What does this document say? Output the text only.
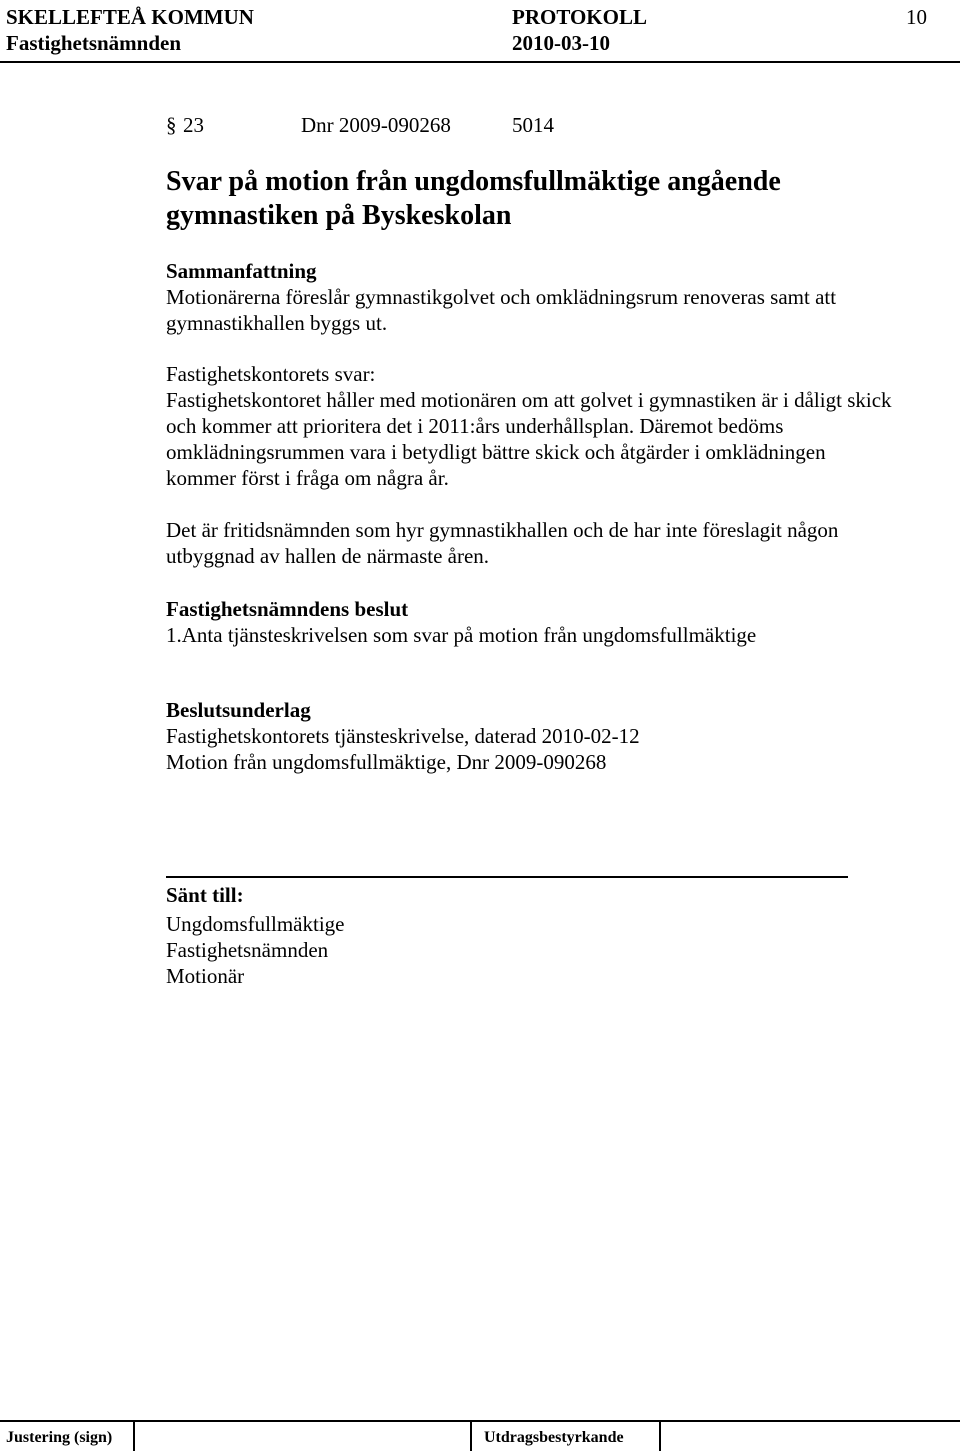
SKELLEFTEÅ KOMMUN	PROTOKOLL	10
Fastighetsnämnden	2010-03-10
§ 23	Dnr 2009-090268	5014
Svar på motion från ungdomsfullmäktige angående
gymnastiken på Byskeskolan
Sammanfattning
Motionärerna föreslår gymnastikgolvet och omklädningsrum renoveras samt att
gymnastikhallen byggs ut.
Fastighetskontorets svar:
Fastighetskontoret håller med motionären om att golvet i gymnastiken är i dåligt skick
och kommer att prioritera det i 2011:års underhållsplan. Däremot bedöms
omklädningsrummen vara i betydligt bättre skick och åtgärder i omklädningen
kommer först i fråga om några år.
Det är fritidsnämnden som hyr gymnastikhallen och de har inte föreslagit någon
utbyggnad av hallen de närmaste åren.
Fastighetsnämndens beslut
1.Anta tjänsteskrivelsen som svar på motion från ungdomsfullmäktige
Beslutsunderlag
Fastighetskontorets tjänsteskrivelse, daterad 2010-02-12
Motion från ungdomsfullmäktige, Dnr 2009-090268
Sänt till:
Ungdomsfullmäktige
Fastighetsnämnden
Motionär
Justering (sign)	Utdragsbestyrkande
